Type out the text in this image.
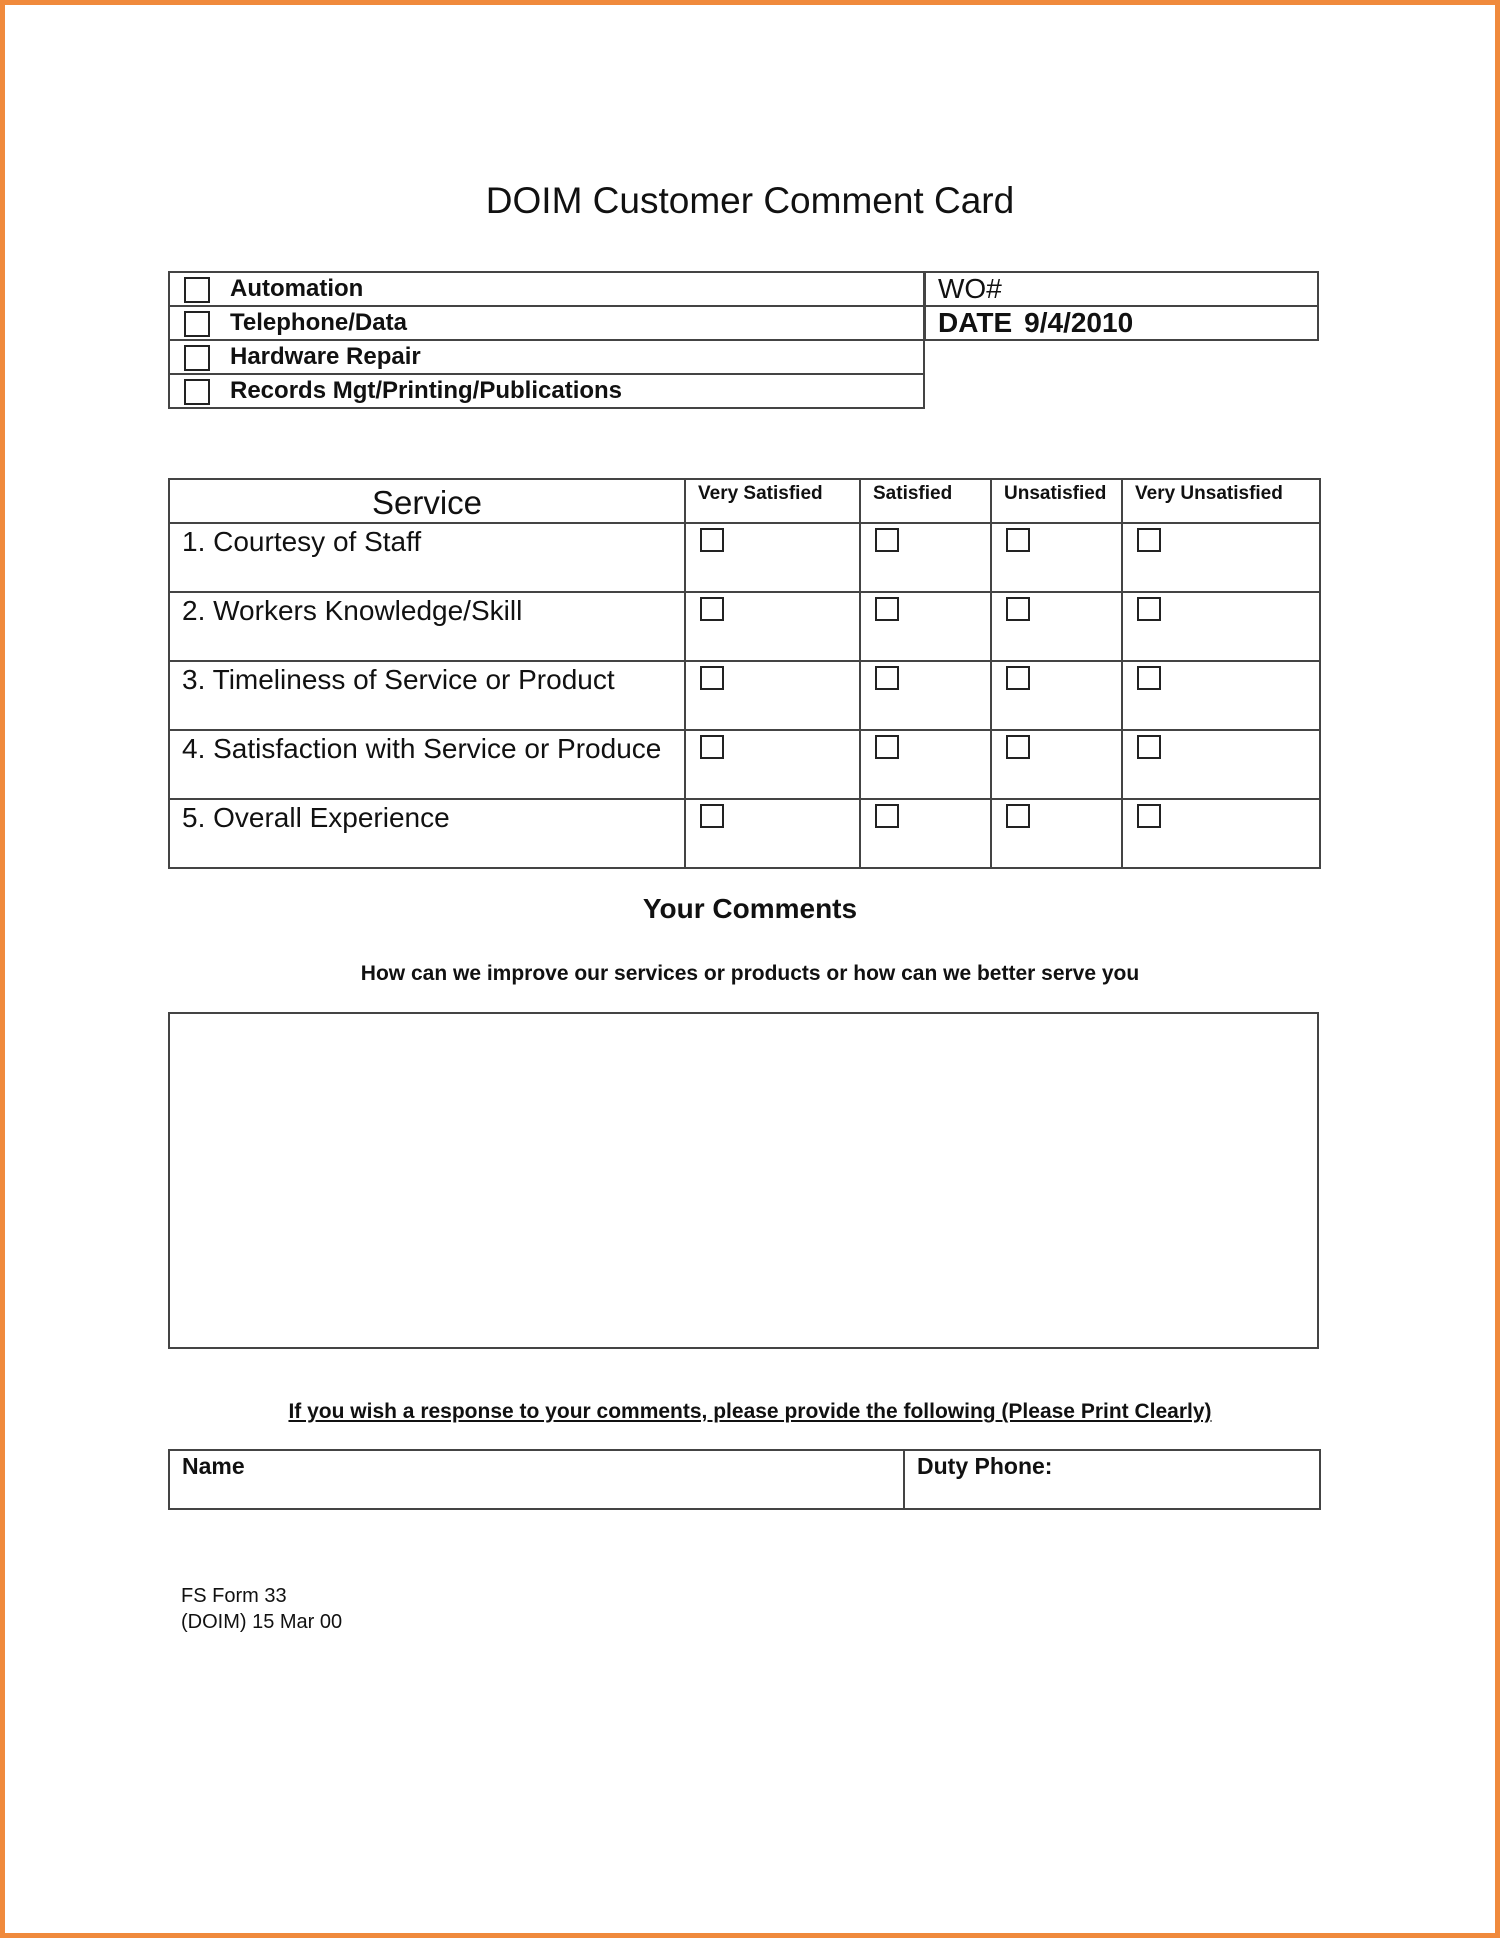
DOIM Customer Comment Card
Automation
Telephone/Data
Hardware Repair
Records Mgt/Printing/Publications
WO#
DATE 9/4/2010
Service	Very Satisfied	Satisfied	Unsatisfied	Very Unsatisfied
1. Courtesy of Staff	

2. Workers Knowledge/Skill	

3. Timeliness of Service or Product	

4. Satisfaction with Service or Produce	

5. Overall Experience	

Your Comments
How can we improve our services or products or how can we better serve you
If you wish a response to your comments, please provide the following (Please Print Clearly)
Name	Duty Phone:
FS Form 33
(DOIM) 15 Mar 00
